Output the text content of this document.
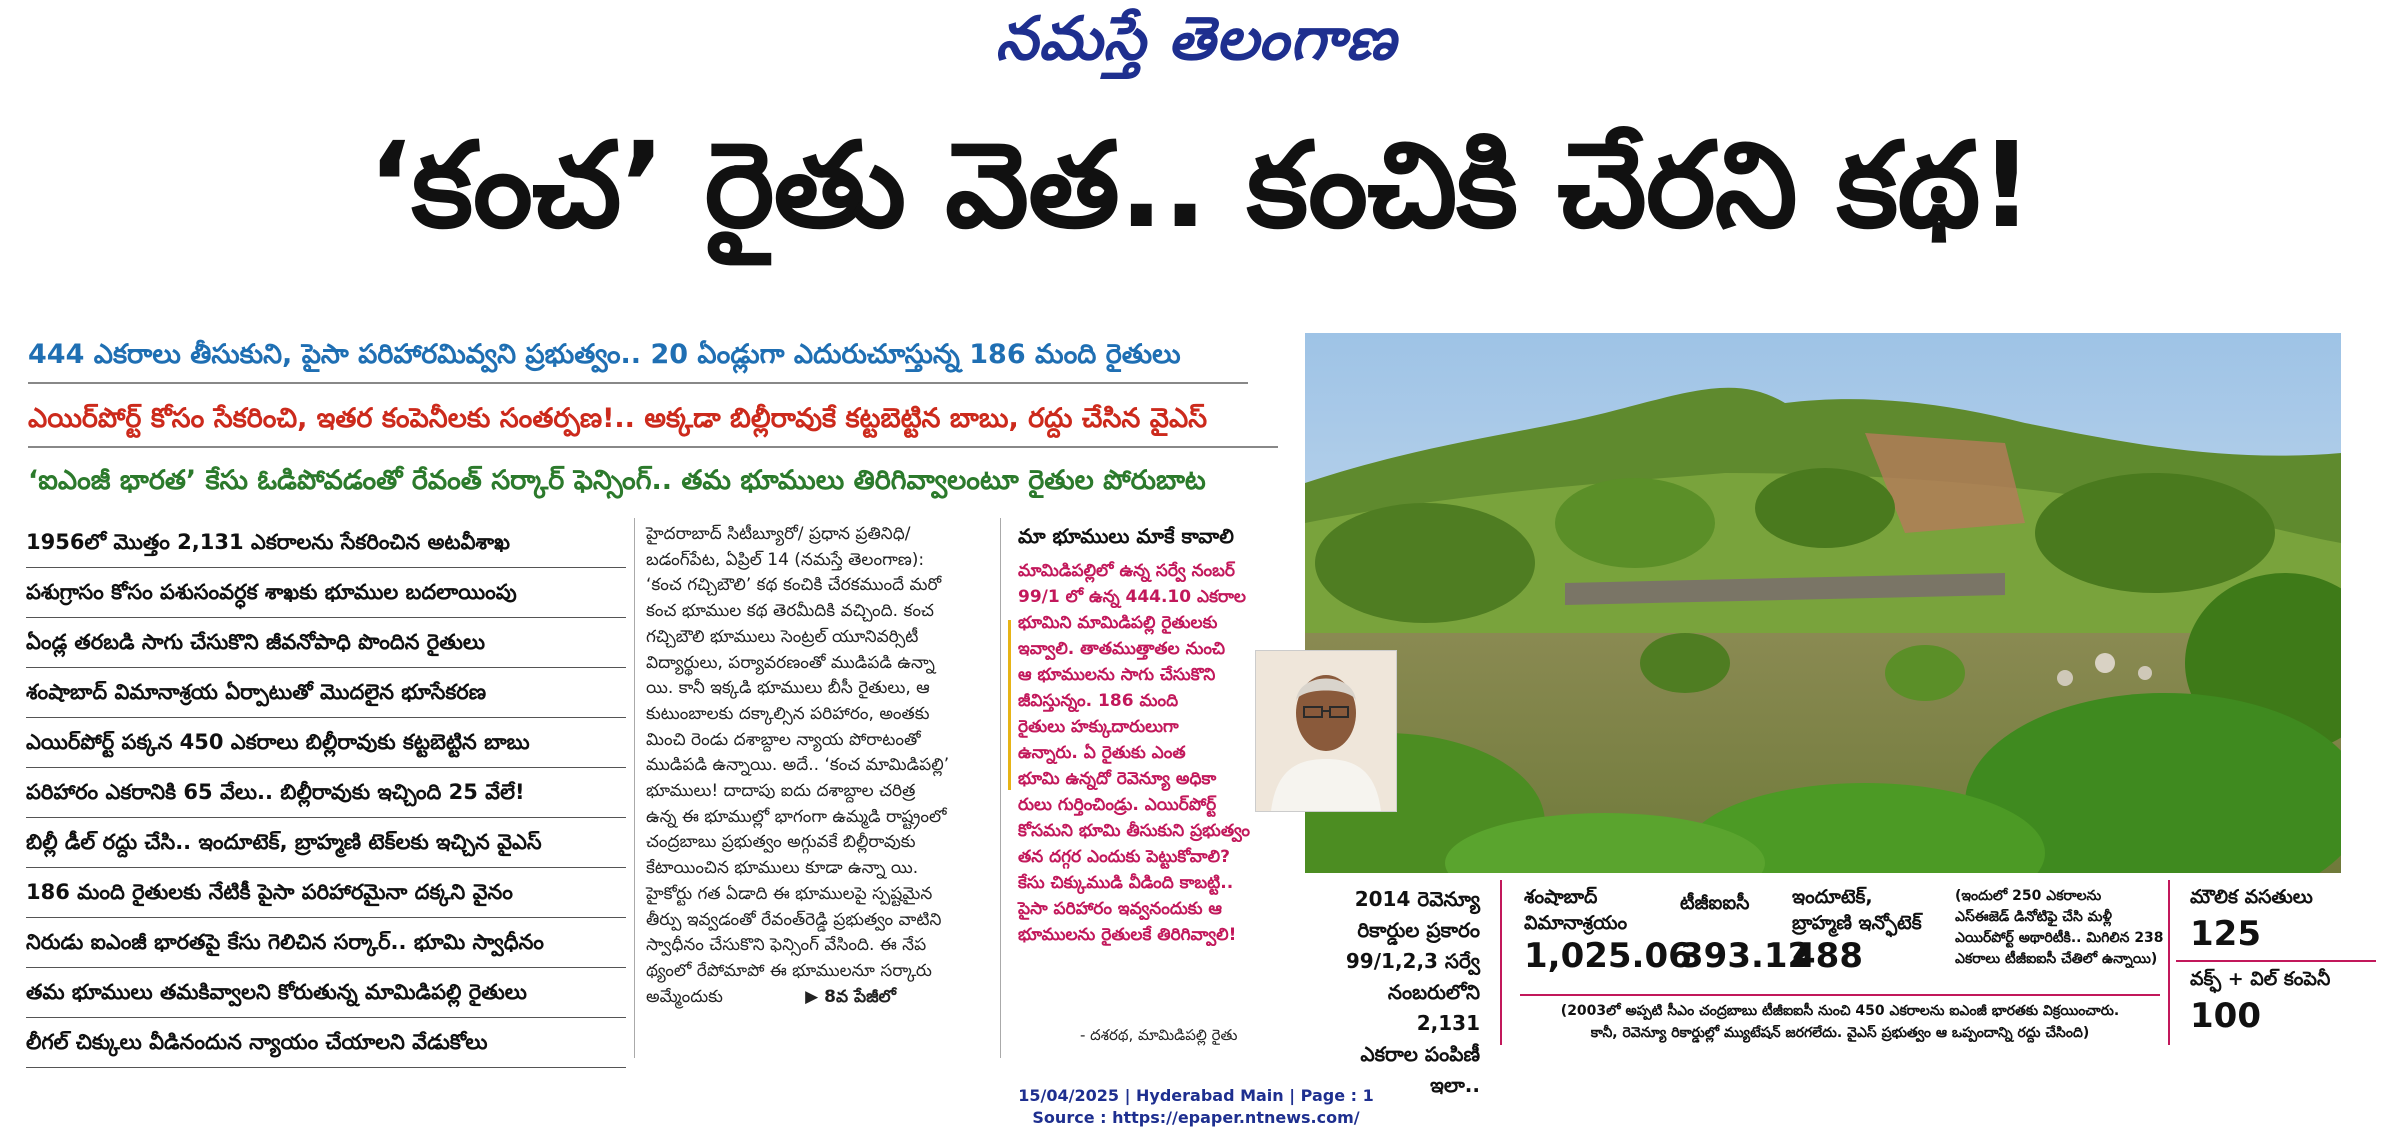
నమస్తే తెలంగాణ
‘కంచ’ రైతు వెత.. కంచికి చేరని కథ!
444 ఎకరాలు తీసుకుని, పైసా పరిహారమివ్వని ప్రభుత్వం.. 20 ఏండ్లుగా ఎదురుచూస్తున్న 186 మంది రైతులు
ఎయిర్‌పోర్ట్ కోసం సేకరించి, ఇతర కంపెనీలకు సంతర్పణ!.. అక్కడా బిల్లీరావుకే కట్టబెట్టిన బాబు, రద్దు చేసిన వైఎస్
‘ఐఎంజీ భారత’ కేసు ఓడిపోవడంతో రేవంత్ సర్కార్ ఫెన్సింగ్.. తమ భూములు తిరిగివ్వాలంటూ రైతుల పోరుబాట
1956లో మొత్తం 2,131 ఎకరాలను సేకరించిన అటవీశాఖ
పశుగ్రాసం కోసం పశుసంవర్ధక శాఖకు భూముల బదలాయింపు
ఏండ్ల తరబడి సాగు చేసుకొని జీవనోపాధి పొందిన రైతులు
శంషాబాద్ విమానాశ్రయ ఏర్పాటుతో మొదలైన భూసేకరణ
ఎయిర్‌పోర్ట్ పక్కన 450 ఎకరాలు బిల్లీరావుకు కట్టబెట్టిన బాబు
పరిహారం ఎకరానికి 65 వేలు.. బిల్లీరావుకు ఇచ్చింది 25 వేలే!
బిల్లీ డీల్ రద్దు చేసి.. ఇందూటెక్, బ్రాహ్మణి టెక్‌లకు ఇచ్చిన వైఎస్
186 మంది రైతులకు నేటికీ పైసా పరిహారమైనా దక్కని వైనం
నిరుడు ఐఎంజీ భారతపై కేసు గెలిచిన సర్కార్.. భూమి స్వాధీనం
తమ భూములు తమకివ్వాలని కోరుతున్న మామిడిపల్లి రైతులు
లీగల్ చిక్కులు వీడినందున న్యాయం చేయాలని వేడుకోలు

హైదరాబాద్ సిటీబ్యూరో/ ప్రధాన ప్రతినిధి/

బడంగ్‌పేట, ఏప్రిల్ 14 (నమస్తే తెలంగాణ):

‘కంచ గచ్చిబౌలి’ కథ కంచికి చేరకముందే మరో

కంచ భూముల కథ తెరమీదికి వచ్చింది. కంచ

గచ్చిబౌలి భూములు సెంట్రల్ యూనివర్సిటీ

విద్యార్థులు, పర్యావరణంతో ముడిపడి ఉన్నా

యి. కానీ ఇక్కడి భూములు బీసీ రైతులు, ఆ

కుటుంబాలకు దక్కాల్సిన పరిహారం, అంతకు

మించి రెండు దశాబ్దాల న్యాయ పోరాటంతో

ముడిపడి ఉన్నాయి. అదే.. ‘కంచ మామిడిపల్లి’

భూములు! దాదాపు ఐదు దశాబ్దాల చరిత్ర

ఉన్న ఈ భూముల్లో భాగంగా ఉమ్మడి రాష్ట్రంలో

చంద్రబాబు ప్రభుత్వం అగ్గువకే బిల్లీరావుకు

కేటాయించిన భూములు కూడా ఉన్నా యి.

హైకోర్టు గత ఏడాది ఈ భూములపై స్పష్టమైన

తీర్పు ఇవ్వడంతో రేవంత్‌రెడ్డి ప్రభుత్వం వాటిని

స్వాధీనం చేసుకొని ఫెన్సింగ్ వేసింది. ఈ నేప

థ్యంలో రేపోమాపో ఈ భూములనూ సర్కారు

అమ్మేందుకు	▶ 8వ పేజీలో

మా భూములు మాకే కావాలి
మామిడిపల్లిలో ఉన్న సర్వే నంబర్
99/1 లో ఉన్న 444.10 ఎకరాల
భూమిని మామిడిపల్లి రైతులకు
ఇవ్వాలి. తాతముత్తాతల నుంచి
ఆ భూములను సాగు చేసుకొని
జీవిస్తున్నం. 186 మంది
రైతులు హక్కుదారులుగా
ఉన్నారు. ఏ రైతుకు ఎంత
భూమి ఉన్నదో రెవెన్యూ అధికా
రులు గుర్తించిండ్రు. ఎయిర్‌పోర్ట్
కోసమని భూమి తీసుకుని ప్రభుత్వం
తన దగ్గర ఎందుకు పెట్టుకోవాలి?
కేసు చిక్కుముడి వీడింది కాబట్టి..
పైసా పరిహారం ఇవ్వనందుకు ఆ
భూములను రైతులకే తిరిగివ్వాలి!
- దశరథ, మామిడిపల్లి రైతు
2014 రెవెన్యూ
రికార్డుల ప్రకారం
99/1,2,3 సర్వే
నంబరులోని 2,131
ఎకరాల పంపిణీ ఇలా..
శంషాబాద్
విమానాశ్రయం
1,025.06
టీజీఐఐసీ
393.12
ఇందూటెక్,
బ్రాహ్మణి ఇన్ఫోటెక్
488
(ఇందులో 250 ఎకరాలను
ఎస్ఈజెడ్ డినోటిఫై చేసి మళ్లీ
ఎయిర్‌పోర్ట్ అథారిటీకి.. మిగిలిన 238
ఎకరాలు టీజీఐఐసీ చేతిలో ఉన్నాయి)
మౌలిక వసతులు
125
వక్ఫ్ + విల్ కంపెనీ
100
(2003లో అప్పటి సీఎం చంద్రబాబు టీజీఐఐసీ నుంచి 450 ఎకరాలను ఐఎంజీ భారతకు విక్రయించారు.
కానీ, రెవెన్యూ రికార్డుల్లో మ్యుటేషన్ జరగలేదు. వైఎస్ ప్రభుత్వం ఆ ఒప్పందాన్ని రద్దు చేసింది)
15/04/2025 | Hyderabad Main | Page : 1
Source : https://epaper.ntnews.com/
